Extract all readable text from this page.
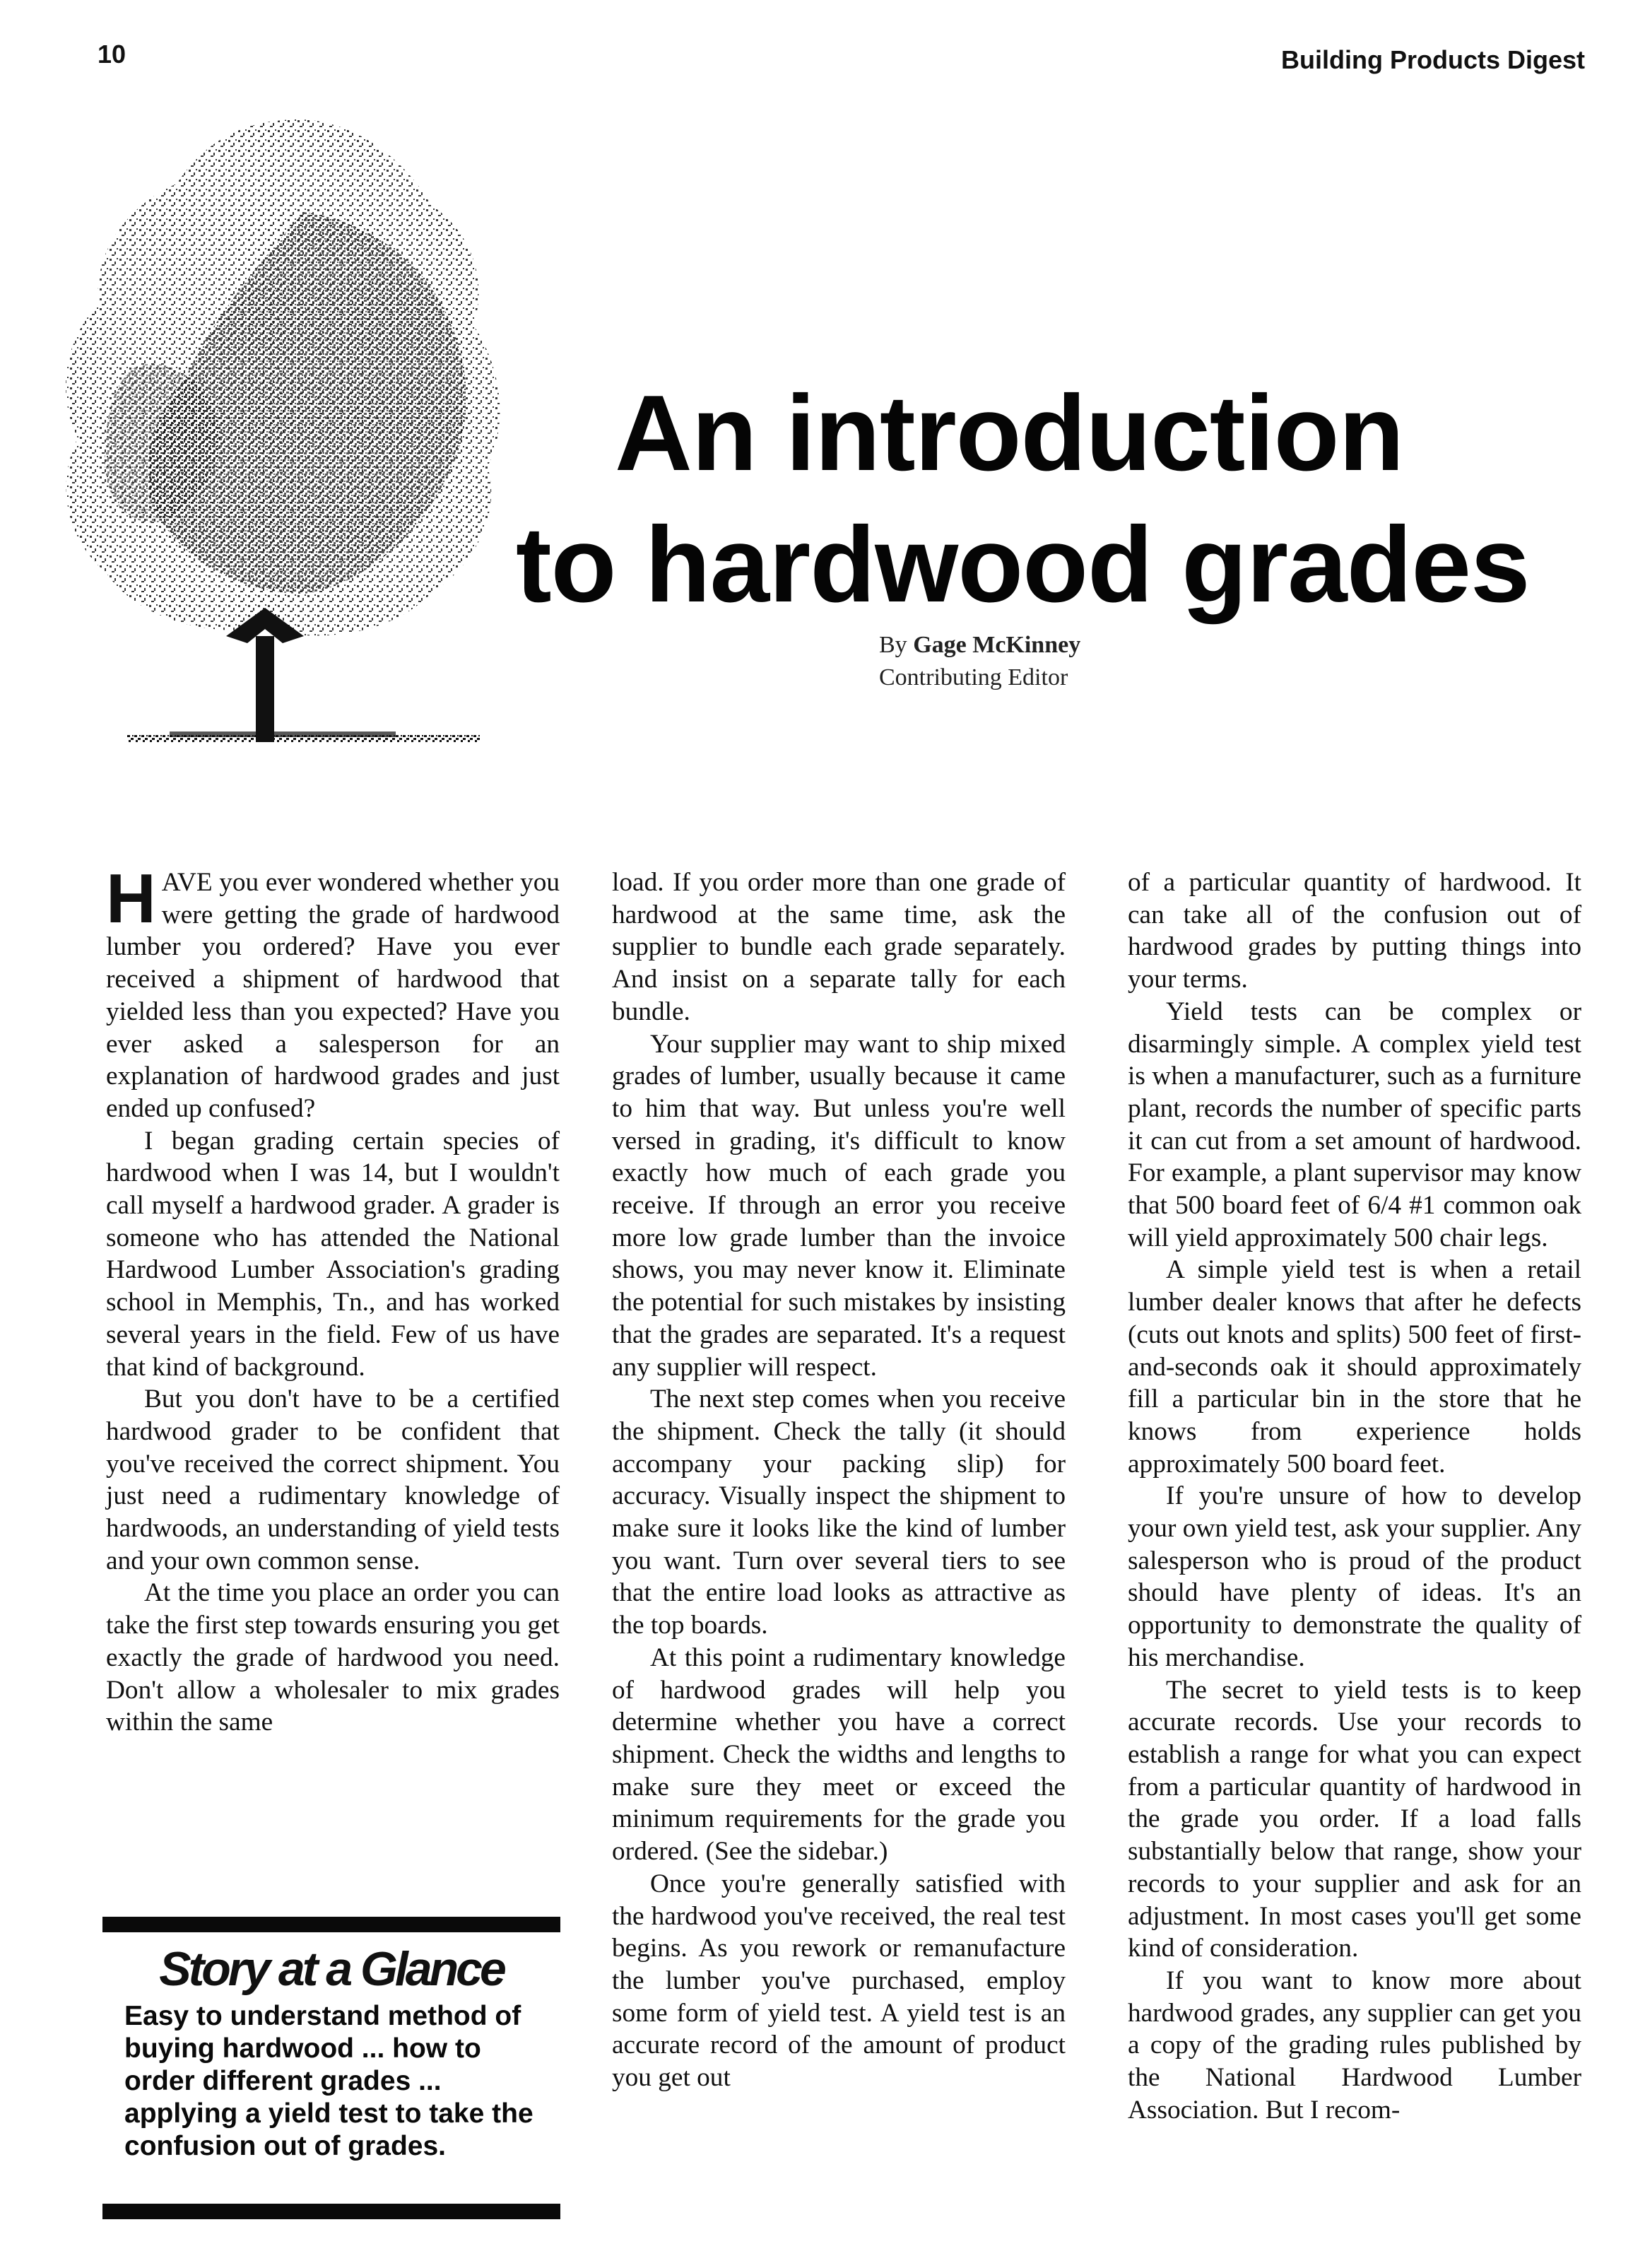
10	Building Products Digest
An introduction
to hardwood grades
By Gage McKinney
Contributing Editor

HAVE you ever wondered whether you were getting the grade of hardwood lumber you ordered? Have you ever received a shipment of hardwood that yielded less than you expected? Have you ever asked a salesperson for an explanation of hardwood grades and just ended up confused?

I began grading certain species of hardwood when I was 14, but I wouldn't call myself a hardwood grader. A grader is someone who has attended the National Hardwood Lumber Association's grading school in Memphis, Tn., and has worked several years in the field. Few of us have that kind of background.

But you don't have to be a certified hardwood grader to be confident that you've received the correct shipment. You just need a rudimentary knowledge of hardwoods, an understanding of yield tests and your own common sense.

At the time you place an order you can take the first step towards ensuring you get exactly the grade of hardwood you need. Don't allow a wholesaler to mix grades within the same

load. If you order more than one grade of hardwood at the same time, ask the supplier to bundle each grade separately. And insist on a separate tally for each bundle.

Your supplier may want to ship mixed grades of lumber, usually because it came to him that way. But unless you're well versed in grading, it's difficult to know exactly how much of each grade you receive. If through an error you receive more low grade lumber than the invoice shows, you may never know it. Eliminate the potential for such mistakes by insisting that the grades are separated. It's a request any supplier will respect.

The next step comes when you receive the shipment. Check the tally (it should accompany your packing slip) for accuracy. Visually inspect the shipment to make sure it looks like the kind of lumber you want. Turn over several tiers to see that the entire load looks as attractive as the top boards.

At this point a rudimentary knowledge of hardwood grades will help you determine whether you have a correct shipment. Check the widths and lengths to make sure they meet or exceed the minimum requirements for the grade you ordered. (See the sidebar.)

Once you're generally satisfied with the hardwood you've received, the real test begins. As you rework or remanufacture the lumber you've purchased, employ some form of yield test. A yield test is an accurate record of the amount of product you get out

of a particular quantity of hardwood. It can take all of the confusion out of hardwood grades by putting things into your terms.

Yield tests can be complex or disarmingly simple. A complex yield test is when a manufacturer, such as a furniture plant, records the number of specific parts it can cut from a set amount of hardwood. For example, a plant supervisor may know that 500 board feet of 6/4 #1 common oak will yield approximately 500 chair legs.

A simple yield test is when a retail lumber dealer knows that after he defects (cuts out knots and splits) 500 feet of first-and-seconds oak it should approximately fill a particular bin in the store that he knows from experience holds approximately 500 board feet.

If you're unsure of how to develop your own yield test, ask your supplier. Any salesperson who is proud of the product should have plenty of ideas. It's an opportunity to demonstrate the quality of his merchandise.

The secret to yield tests is to keep accurate records. Use your records to establish a range for what you can expect from a particular quantity of hardwood in the grade you order. If a load falls substantially below that range, show your records to your supplier and ask for an adjustment. In most cases you'll get some kind of consideration.

If you want to know more about hardwood grades, any supplier can get you a copy of the grading rules published by the National Hardwood Lumber Association. But I recom-

Story at a Glance
Easy to understand method of buying hardwood ... how to order different grades ... applying a yield test to take the confusion out of grades.
